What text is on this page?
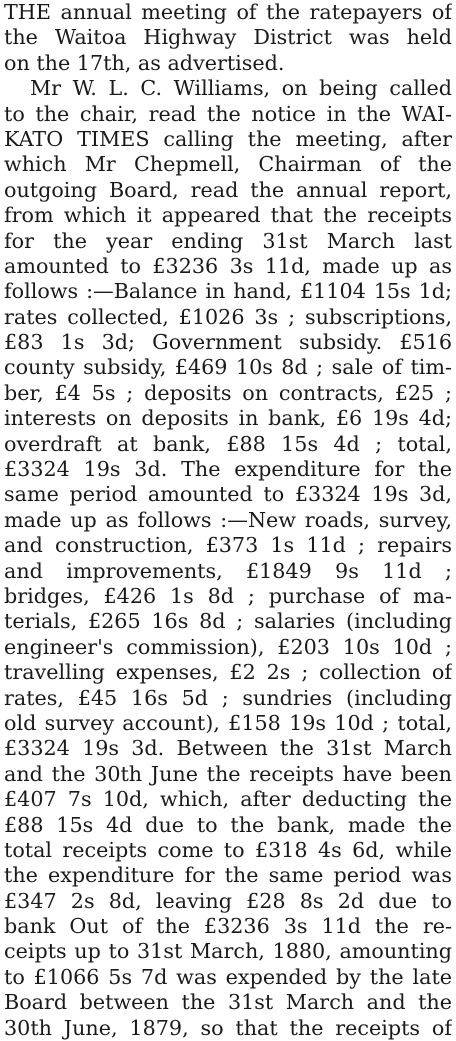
THE annual meeting of the ratepayers of
the Waitoa Highway District was held
on the 17th, as advertised.
Mr W. L. C. Williams, on being called
to the chair, read the notice in the WAI-
KATO TIMES calling the meeting, after
which Mr Chepmell, Chairman of the
outgoing Board, read the annual report,
from which it appeared that the receipts
for the year ending 31st March last
amounted to £3236 3s 11d, made up as
follows :—Balance in hand, £1104 15s 1d;
rates collected, £1026 3s ; subscriptions,
£83 1s 3d; Government subsidy. £516
county subsidy, £469 10s 8d ; sale of tim-
ber, £4 5s ; deposits on contracts, £25 ;
interests on deposits in bank, £6 19s 4d;
overdraft at bank, £88 15s 4d ; total,
£3324 19s 3d. The expenditure for the
same period amounted to £3324 19s 3d,
made up as follows :—New roads, survey,
and construction, £373 1s 11d ; repairs
and improvements, £1849 9s 11d ;
bridges, £426 1s 8d ; purchase of ma-
terials, £265 16s 8d ; salaries (including
engineer's commission), £203 10s 10d ;
travelling expenses, £2 2s ; collection of
rates, £45 16s 5d ; sundries (including
old survey account), £158 19s 10d ; total,
£3324 19s 3d. Between the 31st March
and the 30th June the receipts have been
£407 7s 10d, which, after deducting the
£88 15s 4d due to the bank, made the
total receipts come to £318 4s 6d, while
the expenditure for the same period was
£347 2s 8d, leaving £28 8s 2d due to
bank Out of the £3236 3s 11d the re-
ceipts up to 31st March, 1880, amounting
to £1066 5s 7d was expended by the late
Board between the 31st March and the
30th June, 1879, so that the receipts of
